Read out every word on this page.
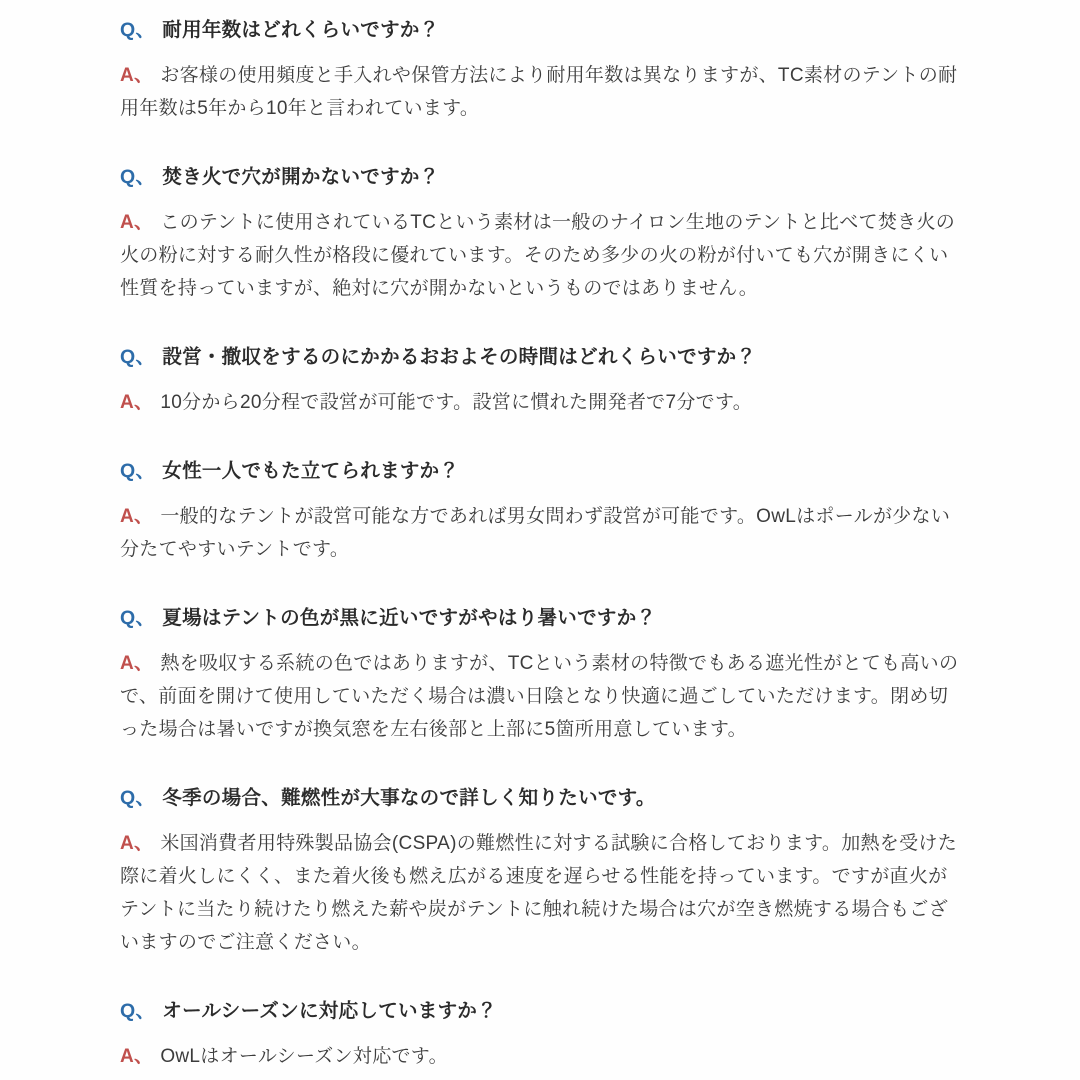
Q、 耐用年数はどれくらいですか？

A、 お客様の使用頻度と手入れや保管方法により耐用年数は異なりますが、TC素材のテントの耐用年数は5年から10年と言われています。

Q、 焚き火で穴が開かないですか？

A、 このテントに使用されているTCという素材は一般のナイロン生地のテントと比べて焚き火の火の粉に対する耐久性が格段に優れています。そのため多少の火の粉が付いても穴が開きにくい性質を持っていますが、絶対に穴が開かないというものではありません。

Q、 設営・撤収をするのにかかるおおよその時間はどれくらいですか？

A、 10分から20分程で設営が可能です。設営に慣れた開発者で7分です。

Q、 女性一人でもた立てられますか？

A、 一般的なテントが設営可能な方であれば男女問わず設営が可能です。OwLはポールが少ない分たてやすいテントです。

Q、 夏場はテントの色が黒に近いですがやはり暑いですか？

A、 熱を吸収する系統の色ではありますが、TCという素材の特徴でもある遮光性がとても高いので、前面を開けて使用していただく場合は濃い日陰となり快適に過ごしていただけます。閉め切った場合は暑いですが換気窓を左右後部と上部に5箇所用意しています。

Q、 冬季の場合、難燃性が大事なので詳しく知りたいです。

A、 米国消費者用特殊製品協会(CSPA)の難燃性に対する試験に合格しております。加熱を受けた際に着火しにくく、また着火後も燃え広がる速度を遅らせる性能を持っています。ですが直火がテントに当たり続けたり燃えた薪や炭がテントに触れ続けた場合は穴が空き燃焼する場合もございますのでご注意ください。

Q、 オールシーズンに対応していますか？

A、 OwLはオールシーズン対応です。
